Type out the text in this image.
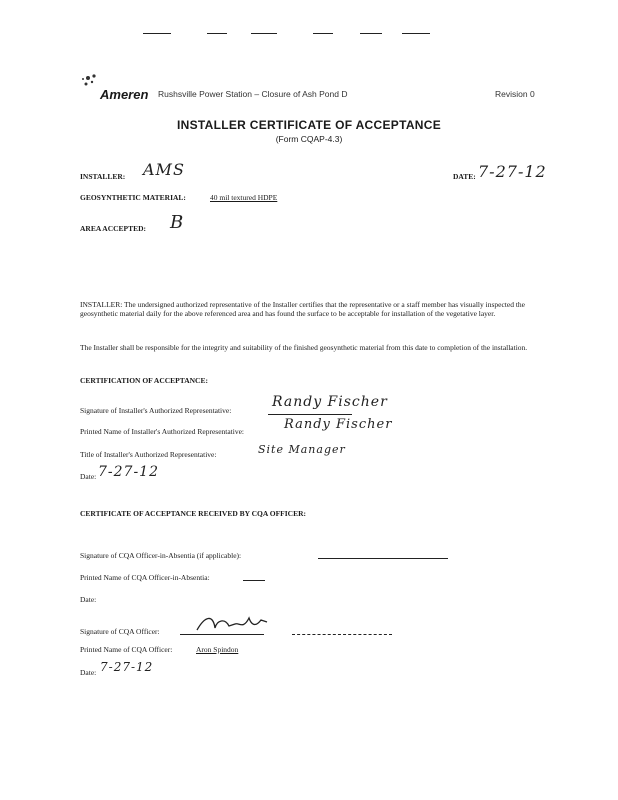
Ameren Rushsville Power Station – Closure of Ash Pond D	Revision 0
INSTALLER CERTIFICATE OF ACCEPTANCE
(Form CQAP-4.3)
INSTALLER: AMS	DATE: 7-27-12
GEOSYNTHETIC MATERIAL:	40 mil textured HDPE
AREA ACCEPTED: B
INSTALLER: The undersigned authorized representative of the Installer certifies that the representative or a staff member has visually inspected the geosynthetic material daily for the above referenced area and has found the surface to be acceptable for installation of the vegetative layer.
The Installer shall be responsible for the integrity and suitability of the finished geosynthetic material from this date to completion of the installation.
CERTIFICATION OF ACCEPTANCE:
Signature of Installer's Authorized Representative:
Randy Fischer
Printed Name of Installer's Authorized Representative:	Randy Fischer
Title of Installer's Authorized Representative:	Site Manager
Date: 7-27-12
CERTIFICATE OF ACCEPTANCE RECEIVED BY CQA OFFICER:
Signature of CQA Officer-in-Absentia (if applicable):
Printed Name of CQA Officer-in-Absentia:
Date:
Signature of CQA Officer:
Printed Name of CQA Officer:	Aron Spindon
Date: 7-27-12
